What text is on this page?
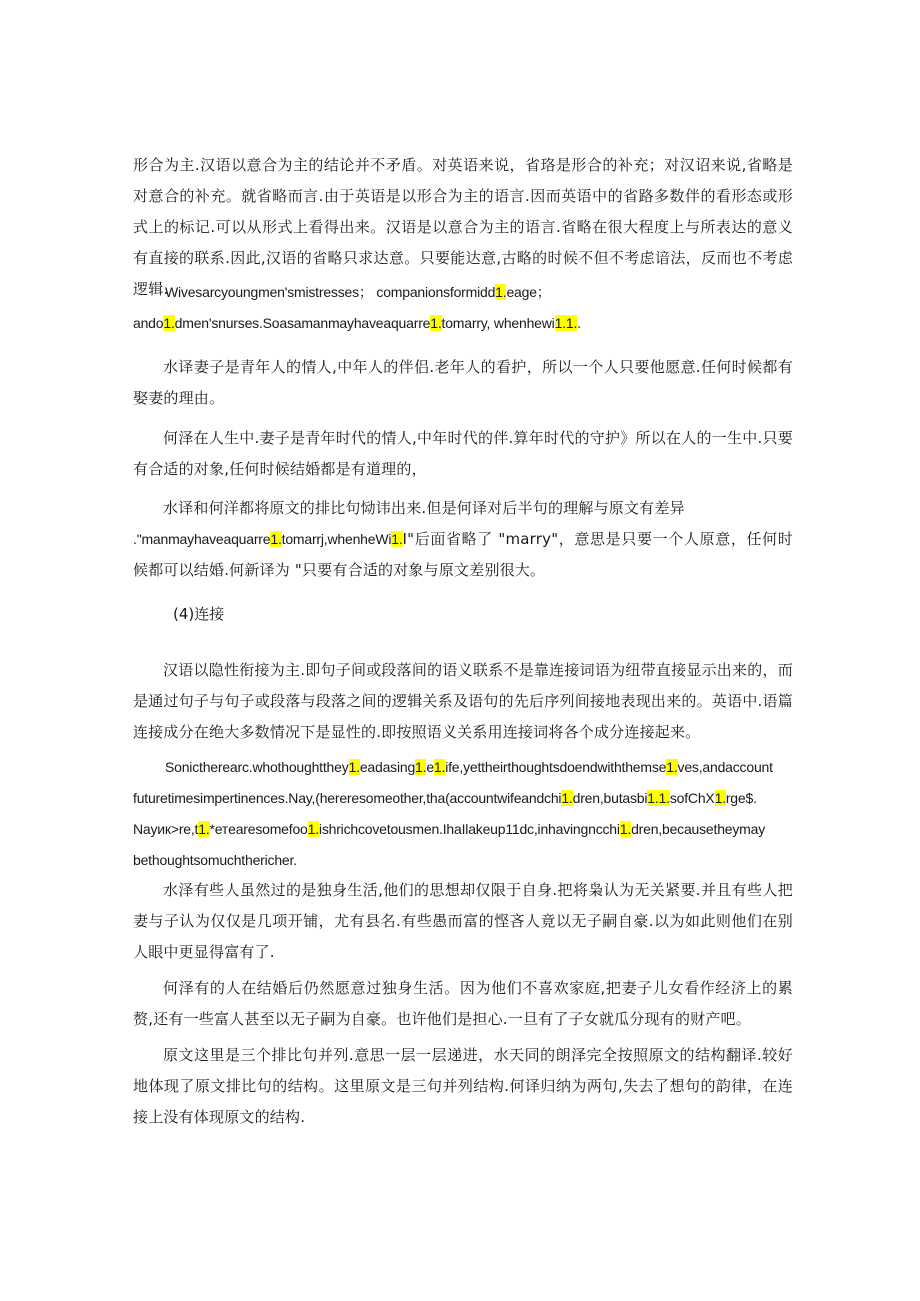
形合为主.汉语以意合为主的结论并不矛盾。对英语来说，省珞是形合的补充；对汉诏来说,省略是对意合的补充。就省略而言.由于英语是以形合为主的语言.因而英语中的省路多数伴的看形态或形式上的标记.可以从形式上看得出来。汉语是以意合为主的语言.省略在很大程度上与所表达的意义有直接的联系.因此,汉语的省略只求达意。只要能达意,古略的时候不但不考虑谙法，反而也不考虑逻辑.

Wivesarcyoungmen'smistresses； companionsformidd1.eage；
ando1.dmen'snurses.Soasamanmayhaveaquarre1.tomarry, whenhewi1.1..

水译妻子是青年人的情人,中年人的伴侣.老年人的看护，所以一个人只要他愿意.任何时候都有娶妻的理由。

何泽在人生中.妻子是青年时代的情人,中年时代的伴.算年时代的守护》所以在人的一生中.只要有合适的对象,任何时候结婚都是有道理的，

水译和何洋都将原文的排比句恸讳出来.但是何译对后半句的理解与原文有差异
."manmayhaveaquarre1.tomarrj,whenheWi1.I"后面省略了 "marry"，意思是只要一个人原意，任何时候都可以结婚.何新译为 "只要有合适的对象与原文差别很大。

(4)连接

汉语以隐性衔接为主.即句子间或段落间的语义联系不是靠连接词语为纽带直接显示出来的，而是通过句子与句子或段落与段落之间的逻辑关系及语句的先后序列间接地表现出来的。英语中.语篇连接成分在绝大多数情况下是显性的.即按照语义关系用连接词将各个成分连接起来。

Sonictherearc.whothoughtthey1.eadasing1.e1.ife,yettheirthoughtsdoendwiththemse1.ves,andaccount
futuretimesimpertinences.Nay,(hereresomeother,tha(accountwifeandchi1.dren,butasbi1.1.sofChX1.rge$.
Nayик>re,t1.*етearesomefoo1.ishrichcovetousmen.IhaIlakeup11dc,inhavingncchi1.dren,becausetheymay
bethoughtsomuchthericher.

水泽有些人虽然过的是独身生活,他们的思想却仅限于自身.把将枭认为无关紧要.并且有些人把妻与子认为仅仅是几项开铺，尤有县名.有些愚而富的悭吝人竟以无子嗣自豪.以为如此则他们在别人眼中更显得富有了.

何泽有的人在结婚后仍然愿意过独身生活。因为他们不喜欢家庭,把妻子儿女看作经济上的累赘,还有一些富人甚至以无子嗣为自豪。也许他们是担心.一旦有了子女就瓜分现有的财产吧。

原文这里是三个排比句并列.意思一层一层递进，水天同的朗泽完全按照原文的结构翻译.较好地体现了原文排比句的结构。这里原文是三句并列结构.何译归纳为两句,失去了想句的韵律，在连接上没有体现原文的结构.
